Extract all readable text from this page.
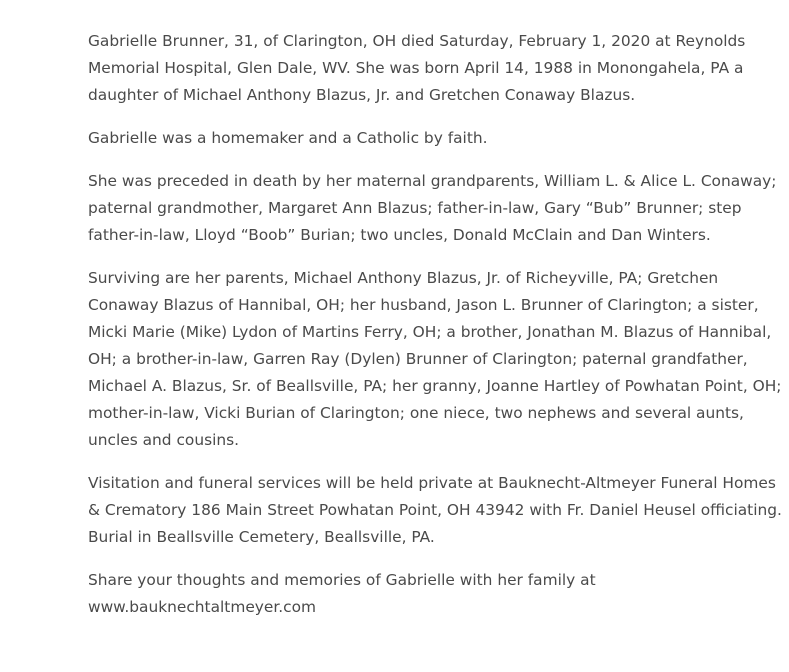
Gabrielle Brunner, 31, of Clarington, OH died Saturday, February 1, 2020 at Reynolds Memorial Hospital, Glen Dale, WV. She was born April 14, 1988 in Monongahela, PA a daughter of Michael Anthony Blazus, Jr. and Gretchen Conaway Blazus.

Gabrielle was a homemaker and a Catholic by faith.

She was preceded in death by her maternal grandparents, William L. & Alice L. Conaway; paternal grandmother, Margaret Ann Blazus; father-in-law, Gary “Bub” Brunner; step father-in-law, Lloyd “Boob” Burian; two uncles, Donald McClain and Dan Winters.

Surviving are her parents, Michael Anthony Blazus, Jr. of Richeyville, PA; Gretchen Conaway Blazus of Hannibal, OH; her husband, Jason L. Brunner of Clarington; a sister, Micki Marie (Mike) Lydon of Martins Ferry, OH; a brother, Jonathan M. Blazus of Hannibal, OH; a brother-in-law, Garren Ray (Dylen) Brunner of Clarington; paternal grandfather, Michael A. Blazus, Sr. of Beallsville, PA; her granny, Joanne Hartley of Powhatan Point, OH; mother-in-law, Vicki Burian of Clarington; one niece, two nephews and several aunts, uncles and cousins.

Visitation and funeral services will be held private at Bauknecht-Altmeyer Funeral Homes & Crematory 186 Main Street Powhatan Point, OH 43942 with Fr. Daniel Heusel officiating. Burial in Beallsville Cemetery, Beallsville, PA.

Share your thoughts and memories of Gabrielle with her family at www.bauknechtaltmeyer.com
